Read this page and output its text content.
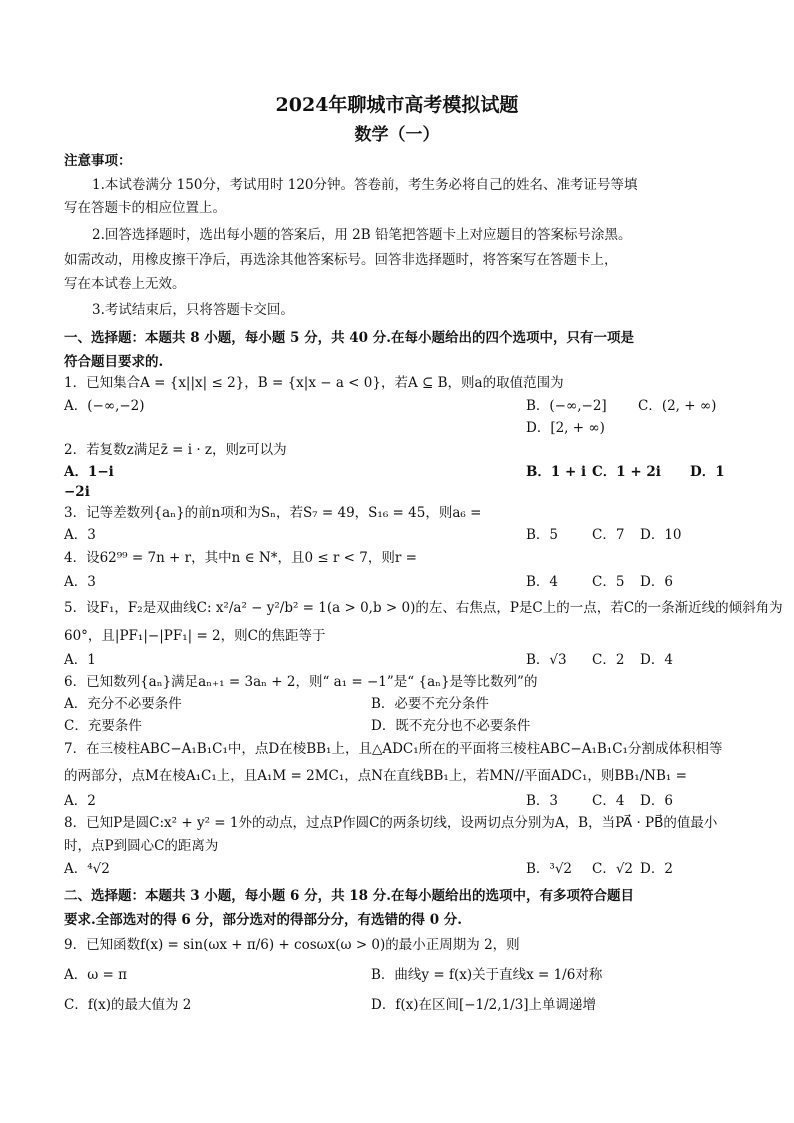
2024年聊城市高考模拟试题
数学（一）
注意事项：
1.本试卷满分 150分，考试用时 120分钟。答卷前，考生务必将自己的姓名、准考证号等填
写在答题卡的相应位置上。
2.回答选择题时，选出每小题的答案后，用 2B 铅笔把答题卡上对应题目的答案标号涂黑。
如需改动，用橡皮擦干净后，再选涂其他答案标号。回答非选择题时，将答案写在答题卡上，
写在本试卷上无效。
3.考试结束后，只将答题卡交回。
一、选择题：本题共 8 小题，每小题 5 分，共 40 分.在每小题给出的四个选项中，只有一项是
符合题目要求的.
1．已知集合A = {x||x| ≤ 2}，B = {x|x − a < 0}，若A ⊆ B，则a的取值范围为
A．(−∞,−2)	B．(−∞,−2] C．(2, + ∞)
D．[2, + ∞)
2．若复数z满足z̄ = i · z，则z可以为
A．1−i	B．1 + i C．1 + 2i D．1
−2i
3．记等差数列{aₙ}的前n项和为Sₙ，若S₇ = 49，S₁₆ = 45，则a₆ =
A．3	B．5	C．7 D．10
4．设62⁹⁹ = 7n + r，其中n ∈ N*，且0 ≤ r < 7，则r =
A．3	B．4	C．5 D．6
5．设F₁，F₂是双曲线C: x²/a² − y²/b² = 1(a > 0,b > 0)的左、右焦点，P是C上的一点，若C的一条渐近线的倾斜角为
60°，且|PF₁|−|PF₁| = 2，则C的焦距等于
A．1	B．√3 C．2 D．4
6．已知数列{aₙ}满足aₙ₊₁ = 3aₙ + 2，则“ a₁ = −1”是“ {aₙ}是等比数列”的
A．充分不必要条件	B．必要不充分条件
C．充要条件	D．既不充分也不必要条件
7．在三棱柱ABC−A₁B₁C₁中，点D在棱BB₁上，且△ADC₁所在的平面将三棱柱ABC−A₁B₁C₁分割成体积相等
的两部分，点M在棱A₁C₁上，且A₁M = 2MC₁，点N在直线BB₁上，若MN//平面ADC₁，则BB₁/NB₁ =
A．2	B．3	C．4 D．6
8．已知P是圆C:x² + y² = 1外的动点，过点P作圆C的两条切线，设两切点分别为A，B，当PA⃗ · PB⃗的值最小
时，点P到圆心C的距离为
A．⁴√2	B．³√2 C．√2 D．2
二、选择题：本题共 3 小题，每小题 6 分，共 18 分.在每小题给出的选项中，有多项符合题目
要求.全部选对的得 6 分，部分选对的得部分分，有选错的得 0 分.
9．已知函数f(x) = sin(ωx + π/6) + cosωx(ω > 0)的最小正周期为 2，则
A．ω = π	B．曲线y = f(x)关于直线x = 1/6对称
C．f(x)的最大值为 2	D．f(x)在区间[−1/2,1/3]上单调递增
